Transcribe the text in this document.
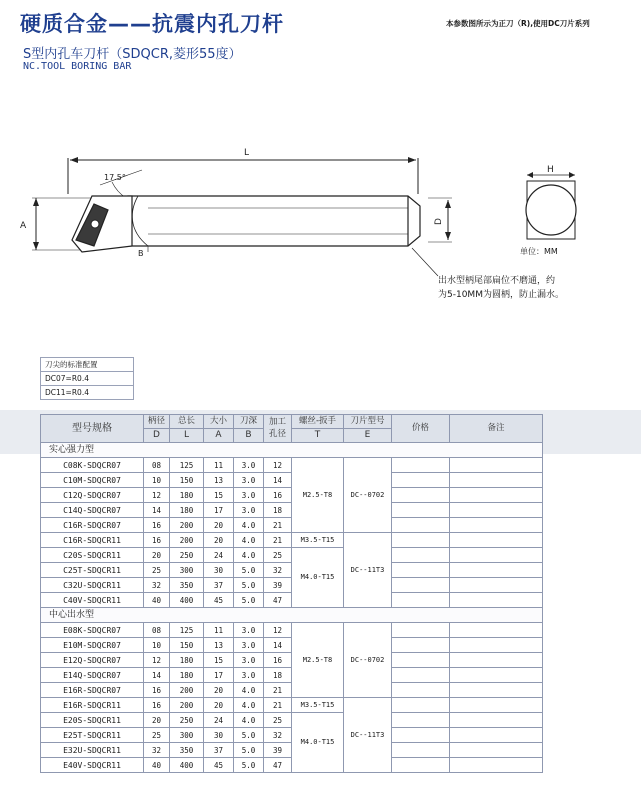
硬质合金——抗震内孔刀杆
S型内孔车刀杆（SDQCR,菱形55度）
NC.TOOL BORING BAR
本参数图所示为正刀（R),使用DC刀片系列
L
A
B
D
H
17.5°
单位：MM
出水型柄尾部扁位不磨通，约
为5-10MM为圆柄，防止漏水。
刀尖的标准配置
DC07=R0.4
DC11=R0.4
型号规格	柄径	总长	大小	刀深	加工孔径	螺丝-扳手	刀片型号	价格	备注
	D	L	A	B		T	E		
实心强力型									
C08K-SDQCR07	08	125	11	3.0	12	M2.5-T8	DC--0702		
C10M-SDQCR07	10	150	13	3.0	14				
C12Q-SDQCR07	12	180	15	3.0	16				
C14Q-SDQCR07	14	180	17	3.0	18				
C16R-SDQCR07	16	200	20	4.0	21				
C16R-SDQCR11	16	200	20	4.0	21	M3.5-T15	DC--11T3		
C20S-SDQCR11	20	250	24	4.0	25	M4.0-T15			
C25T-SDQCR11	25	300	30	5.0	32				
C32U-SDQCR11	32	350	37	5.0	39				
C40V-SDQCR11	40	400	45	5.0	47				
中心出水型									
E08K-SDQCR07	08	125	11	3.0	12	M2.5-T8	DC--0702		
E10M-SDQCR07	10	150	13	3.0	14				
E12Q-SDQCR07	12	180	15	3.0	16				
E14Q-SDQCR07	14	180	17	3.0	18				
E16R-SDQCR07	16	200	20	4.0	21				
E16R-SDQCR11	16	200	20	4.0	21	M3.5-T15	DC--11T3		
E20S-SDQCR11	20	250	24	4.0	25	M4.0-T15			
E25T-SDQCR11	25	300	30	5.0	32				
E32U-SDQCR11	32	350	37	5.0	39				
E40V-SDQCR11	40	400	45	5.0	47				
